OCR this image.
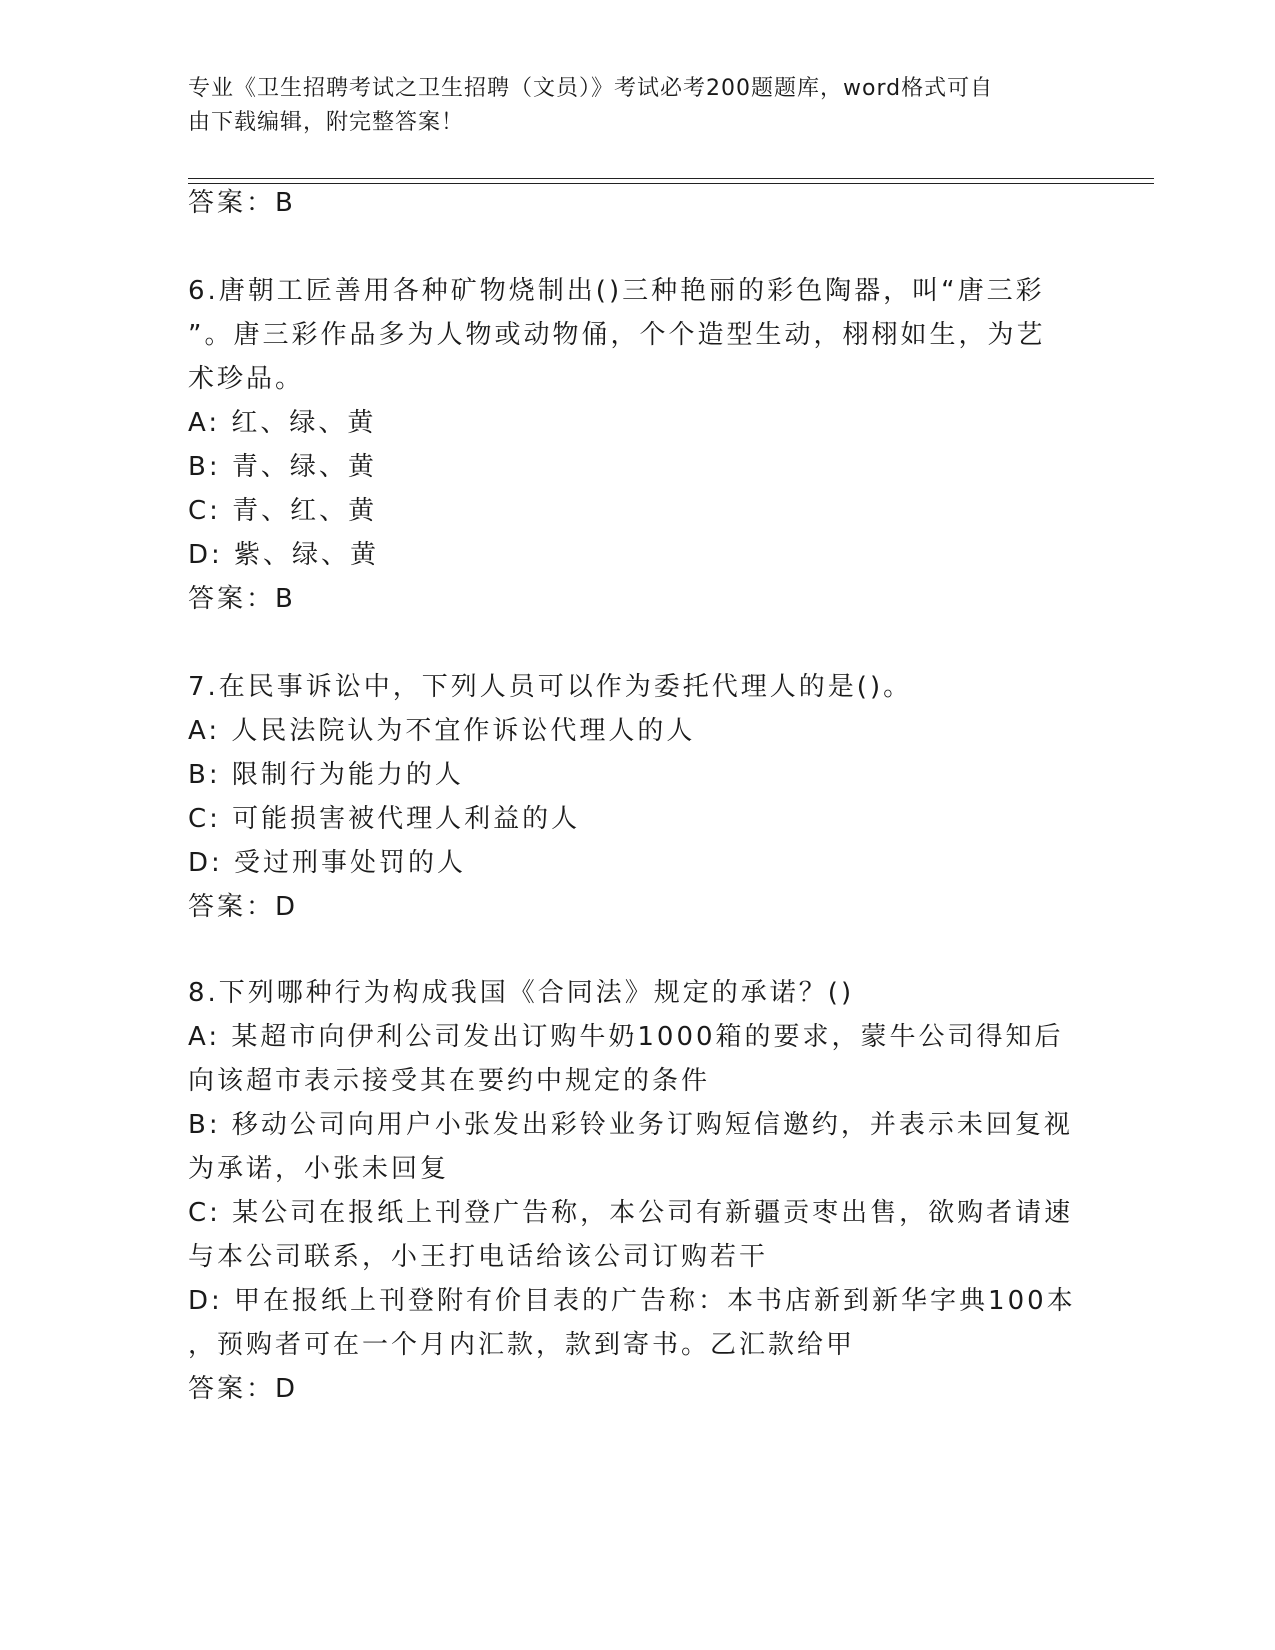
专业《卫生招聘考试之卫生招聘（文员）》考试必考200题题库，word格式可自
由下载编辑，附完整答案！
答案：B
6.唐朝工匠善用各种矿物烧制出()三种艳丽的彩色陶器，叫“唐三彩
”。唐三彩作品多为人物或动物俑，个个造型生动，栩栩如生，为艺
术珍品。
A: 红、绿、黄
B: 青、绿、黄
C: 青、红、黄
D: 紫、绿、黄
答案：B
7.在民事诉讼中，下列人员可以作为委托代理人的是()。
A: 人民法院认为不宜作诉讼代理人的人
B: 限制行为能力的人
C: 可能损害被代理人利益的人
D: 受过刑事处罚的人
答案：D
8.下列哪种行为构成我国《合同法》规定的承诺？()
A: 某超市向伊利公司发出订购牛奶1000箱的要求，蒙牛公司得知后
向该超市表示接受其在要约中规定的条件
B: 移动公司向用户小张发出彩铃业务订购短信邀约，并表示未回复视
为承诺，小张未回复
C: 某公司在报纸上刊登广告称，本公司有新疆贡枣出售，欲购者请速
与本公司联系，小王打电话给该公司订购若干
D: 甲在报纸上刊登附有价目表的广告称：本书店新到新华字典100本
，预购者可在一个月内汇款，款到寄书。乙汇款给甲
答案：D
